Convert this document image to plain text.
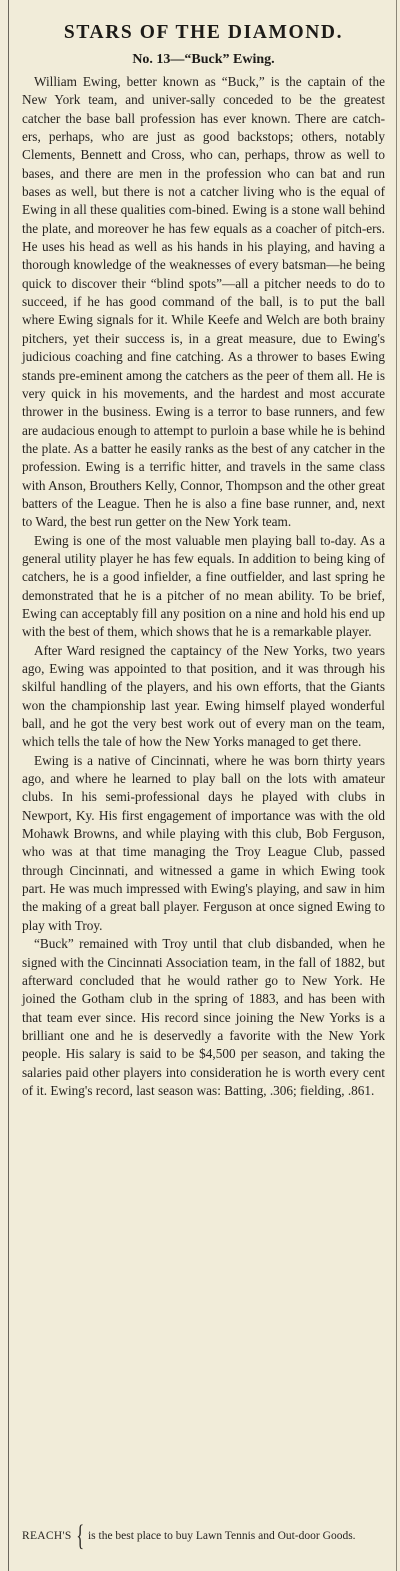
STARS OF THE DIAMOND.
No. 13—“Buck” Ewing.

William Ewing, better known as “Buck,” is the captain of the New York team, and univer-sally conceded to be the greatest catcher the base ball profession has ever known. There are catch-ers, perhaps, who are just as good backstops; others, notably Clements, Bennett and Cross, who can, perhaps, throw as well to bases, and there are men in the profession who can bat and run bases as well, but there is not a catcher living who is the equal of Ewing in all these qualities com-bined. Ewing is a stone wall behind the plate, and moreover he has few equals as a coacher of pitch-ers. He uses his head as well as his hands in his playing, and having a thorough knowledge of the weaknesses of every batsman—he being quick to discover their “blind spots”—all a pitcher needs to do to succeed, if he has good command of the ball, is to put the ball where Ewing signals for it. While Keefe and Welch are both brainy pitchers, yet their success is, in a great measure, due to Ewing's judicious coaching and fine catching. As a thrower to bases Ewing stands pre-eminent among the catchers as the peer of them all. He is very quick in his movements, and the hardest and most accurate thrower in the business. Ewing is a terror to base runners, and few are audacious enough to attempt to purloin a base while he is behind the plate. As a batter he easily ranks as the best of any catcher in the profession. Ewing is a terrific hitter, and travels in the same class with Anson, Brouthers Kelly, Connor, Thompson and the other great batters of the League. Then he is also a fine base runner, and, next to Ward, the best run getter on the New York team.

Ewing is one of the most valuable men playing ball to-day. As a general utility player he has few equals. In addition to being king of catchers, he is a good infielder, a fine outfielder, and last spring he demonstrated that he is a pitcher of no mean ability. To be brief, Ewing can acceptably fill any position on a nine and hold his end up with the best of them, which shows that he is a remarkable player.

After Ward resigned the captaincy of the New Yorks, two years ago, Ewing was appointed to that position, and it was through his skilful handling of the players, and his own efforts, that the Giants won the championship last year. Ewing himself played wonderful ball, and he got the very best work out of every man on the team, which tells the tale of how the New Yorks managed to get there.

Ewing is a native of Cincinnati, where he was born thirty years ago, and where he learned to play ball on the lots with amateur clubs. In his semi-professional days he played with clubs in Newport, Ky. His first engagement of importance was with the old Mohawk Browns, and while playing with this club, Bob Ferguson, who was at that time managing the Troy League Club, passed through Cincinnati, and witnessed a game in which Ewing took part. He was much impressed with Ewing's playing, and saw in him the making of a great ball player. Ferguson at once signed Ewing to play with Troy.

“Buck” remained with Troy until that club disbanded, when he signed with the Cincinnati Association team, in the fall of 1882, but afterward concluded that he would rather go to New York. He joined the Gotham club in the spring of 1883, and has been with that team ever since. His record since joining the New Yorks is a brilliant one and he is deservedly a favorite with the New York people. His salary is said to be $4,500 per season, and taking the salaries paid other players into consideration he is worth every cent of it. Ewing's record, last season was: Batting, .306; fielding, .861.

REACH'S { is the best place to buy Lawn Tennis and Out-door Goods.
